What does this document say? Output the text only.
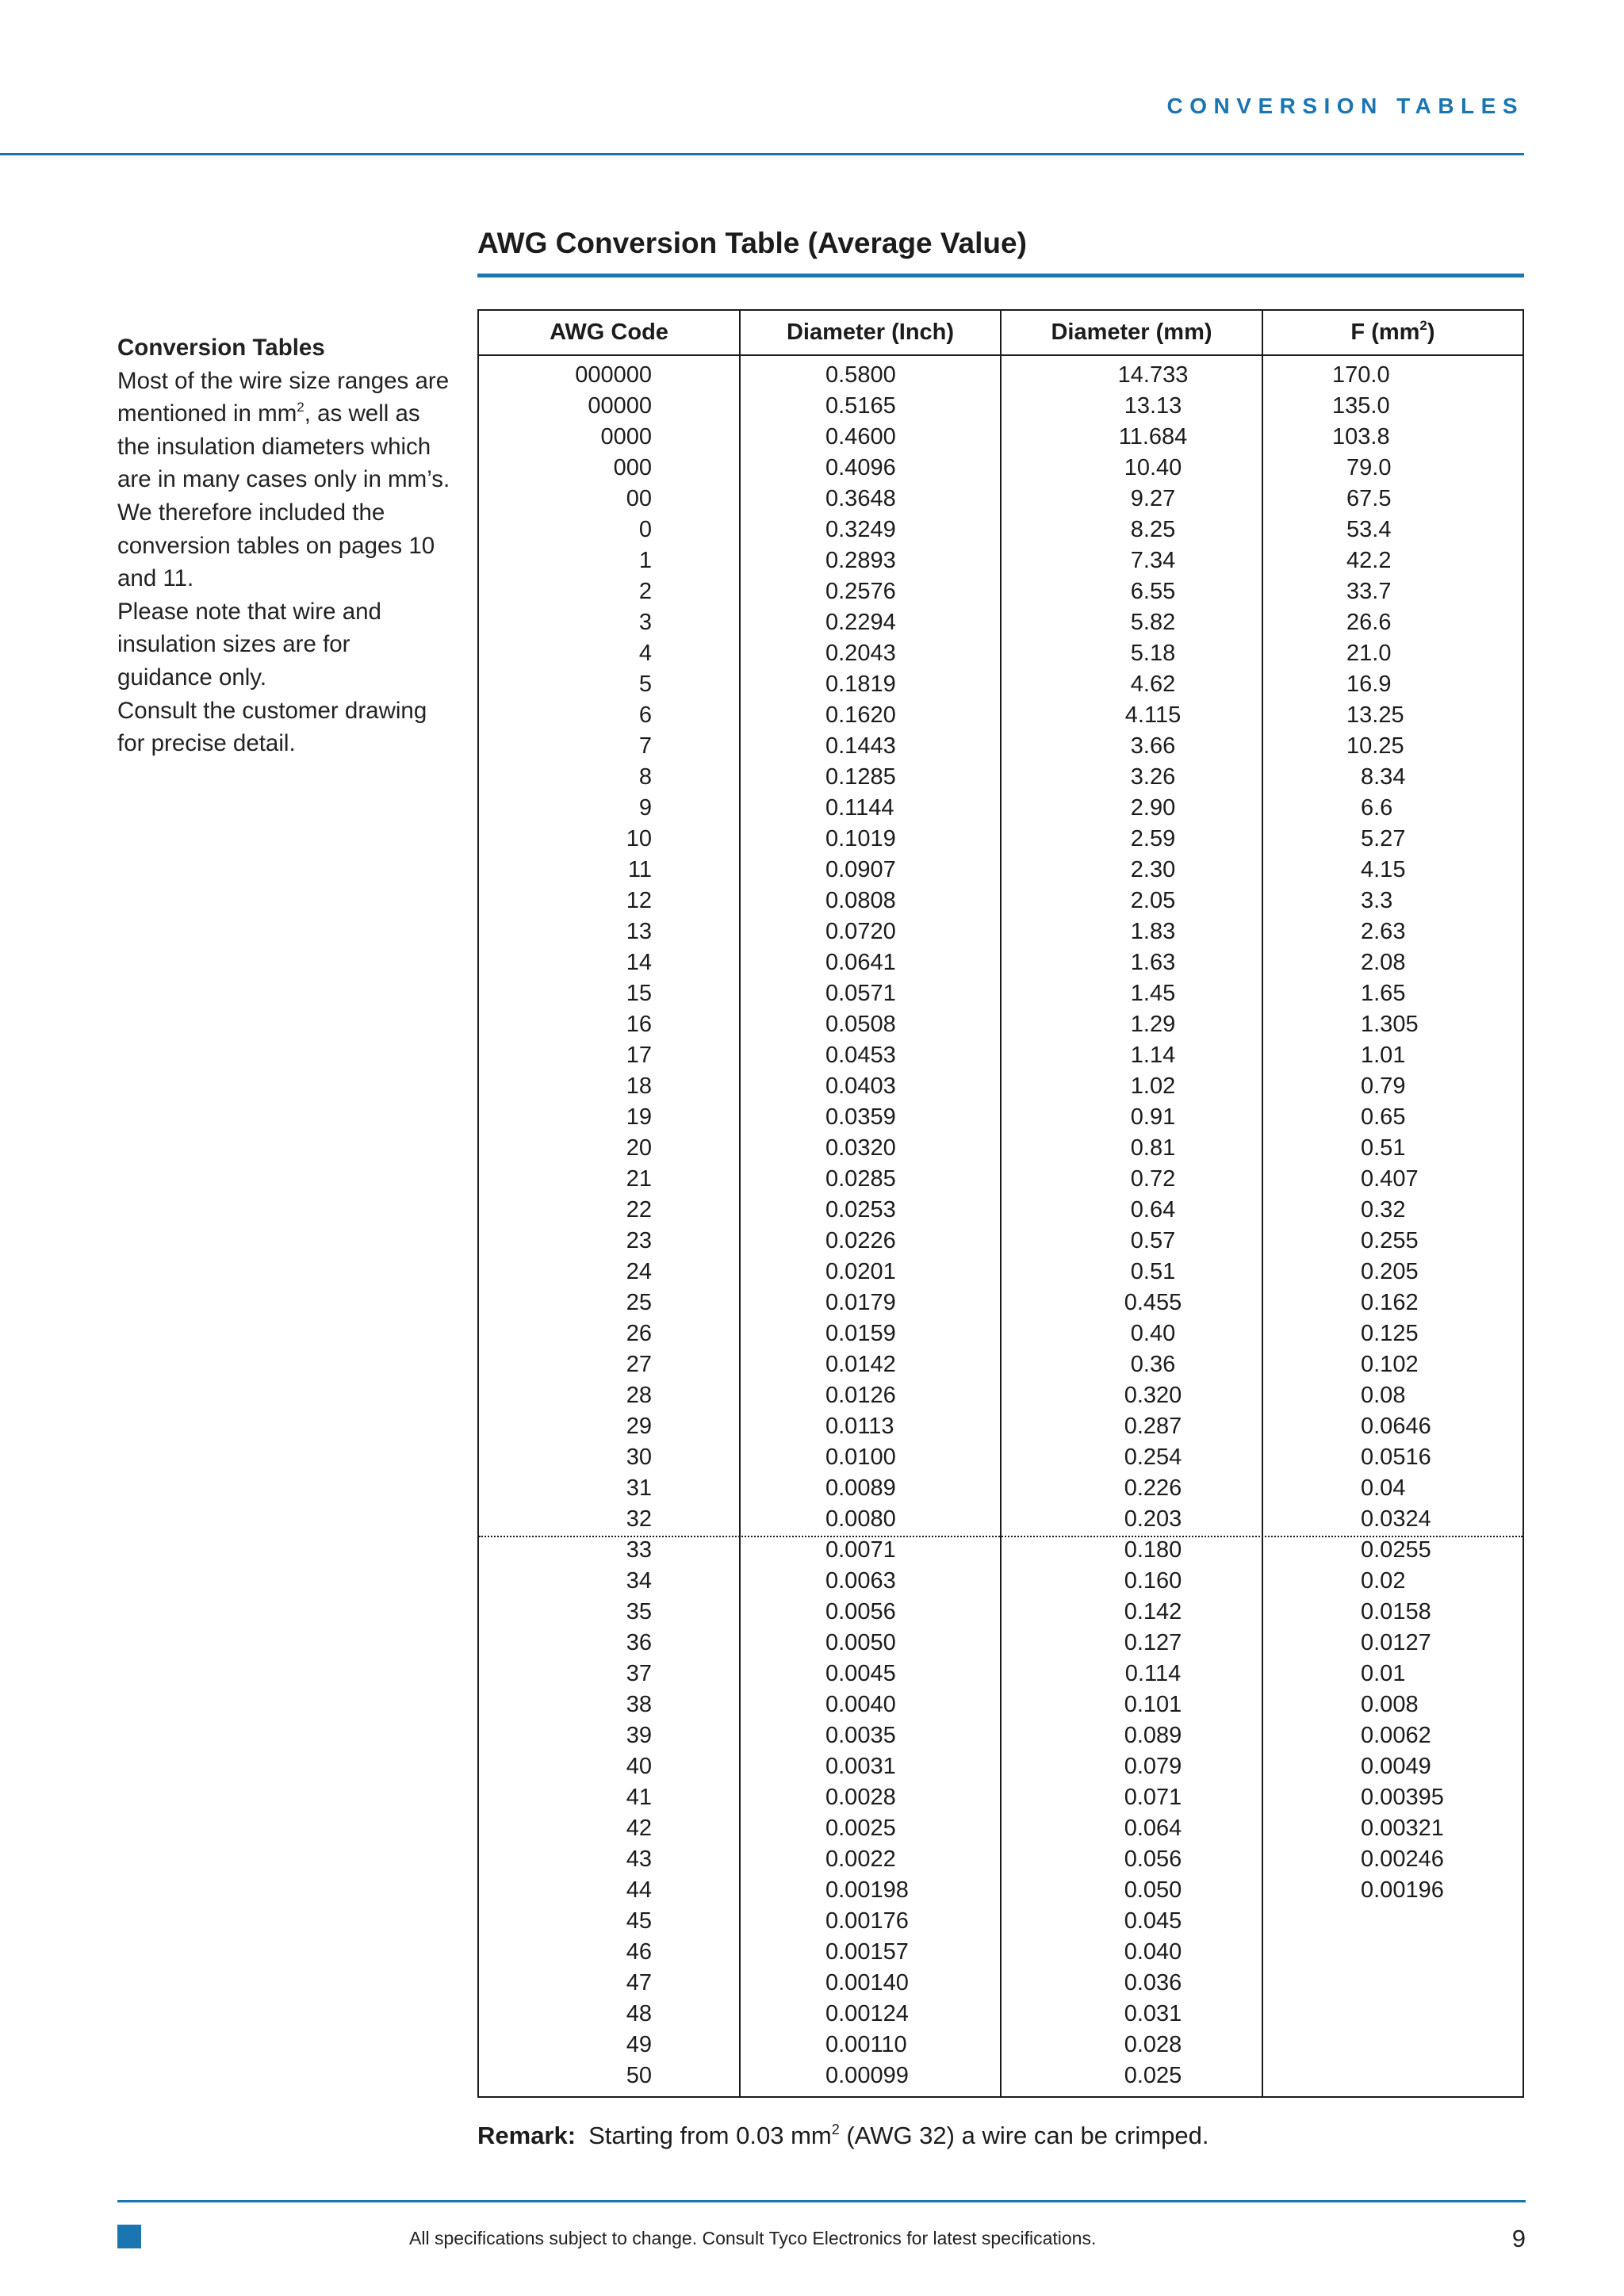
CONVERSION TABLES

Conversion Tables

Most of the wire size ranges are mentioned in $mm^2$, as well as the insulation diameters which are in many cases only in mm’s.

We therefore included the conversion tables on pages 10 and 11.

Please note that wire and insulation sizes are for guidance only.

Consult the customer drawing for precise detail.

AWG Conversion Table (Average Value)
AWG Code	Diameter (Inch)	Diameter (mm)	F $(mm^2)$
000000	0.5800	14.733	170.0
00000	0.5165	13.13	135.0
0000	0.4600	11.684	103.8
000	0.4096	10.40	79.0
00	0.3648	9.27	67.5
0	0.3249	8.25	53.4
1	0.2893	7.34	42.2
2	0.2576	6.55	33.7
3	0.2294	5.82	26.6
4	0.2043	5.18	21.0
5	0.1819	4.62	16.9
6	0.1620	4.115	13.25
7	0.1443	3.66	10.25
8	0.1285	3.26	8.34
9	0.1144	2.90	6.6
10	0.1019	2.59	5.27
11	0.0907	2.30	4.15
12	0.0808	2.05	3.3
13	0.0720	1.83	2.63
14	0.0641	1.63	2.08
15	0.0571	1.45	1.65
16	0.0508	1.29	1.305
17	0.0453	1.14	1.01
18	0.0403	1.02	0.79
19	0.0359	0.91	0.65
20	0.0320	0.81	0.51
21	0.0285	0.72	0.407
22	0.0253	0.64	0.32
23	0.0226	0.57	0.255
24	0.0201	0.51	0.205
25	0.0179	0.455	0.162
26	0.0159	0.40	0.125
27	0.0142	0.36	0.102
28	0.0126	0.320	0.08
29	0.0113	0.287	0.0646
30	0.0100	0.254	0.0516
31	0.0089	0.226	0.04
32	0.0080	0.203	0.0324
33	0.0071	0.180	0.0255
34	0.0063	0.160	0.02
35	0.0056	0.142	0.0158
36	0.0050	0.127	0.0127
37	0.0045	0.114	0.01
38	0.0040	0.101	0.008
39	0.0035	0.089	0.0062
40	0.0031	0.079	0.0049
41	0.0028	0.071	0.00395
42	0.0025	0.064	0.00321
43	0.0022	0.056	0.00246
44	0.00198	0.050	0.00196
45	0.00176	0.045
46	0.00157	0.040
47	0.00140	0.036
48	0.00124	0.031
49	0.00110	0.028
50	0.00099	0.025
Remark: Starting from 0.03 $mm^2$ (AWG 32) a wire can be crimped.
All specifications subject to change. Consult Tyco Electronics for latest specifications.	9
